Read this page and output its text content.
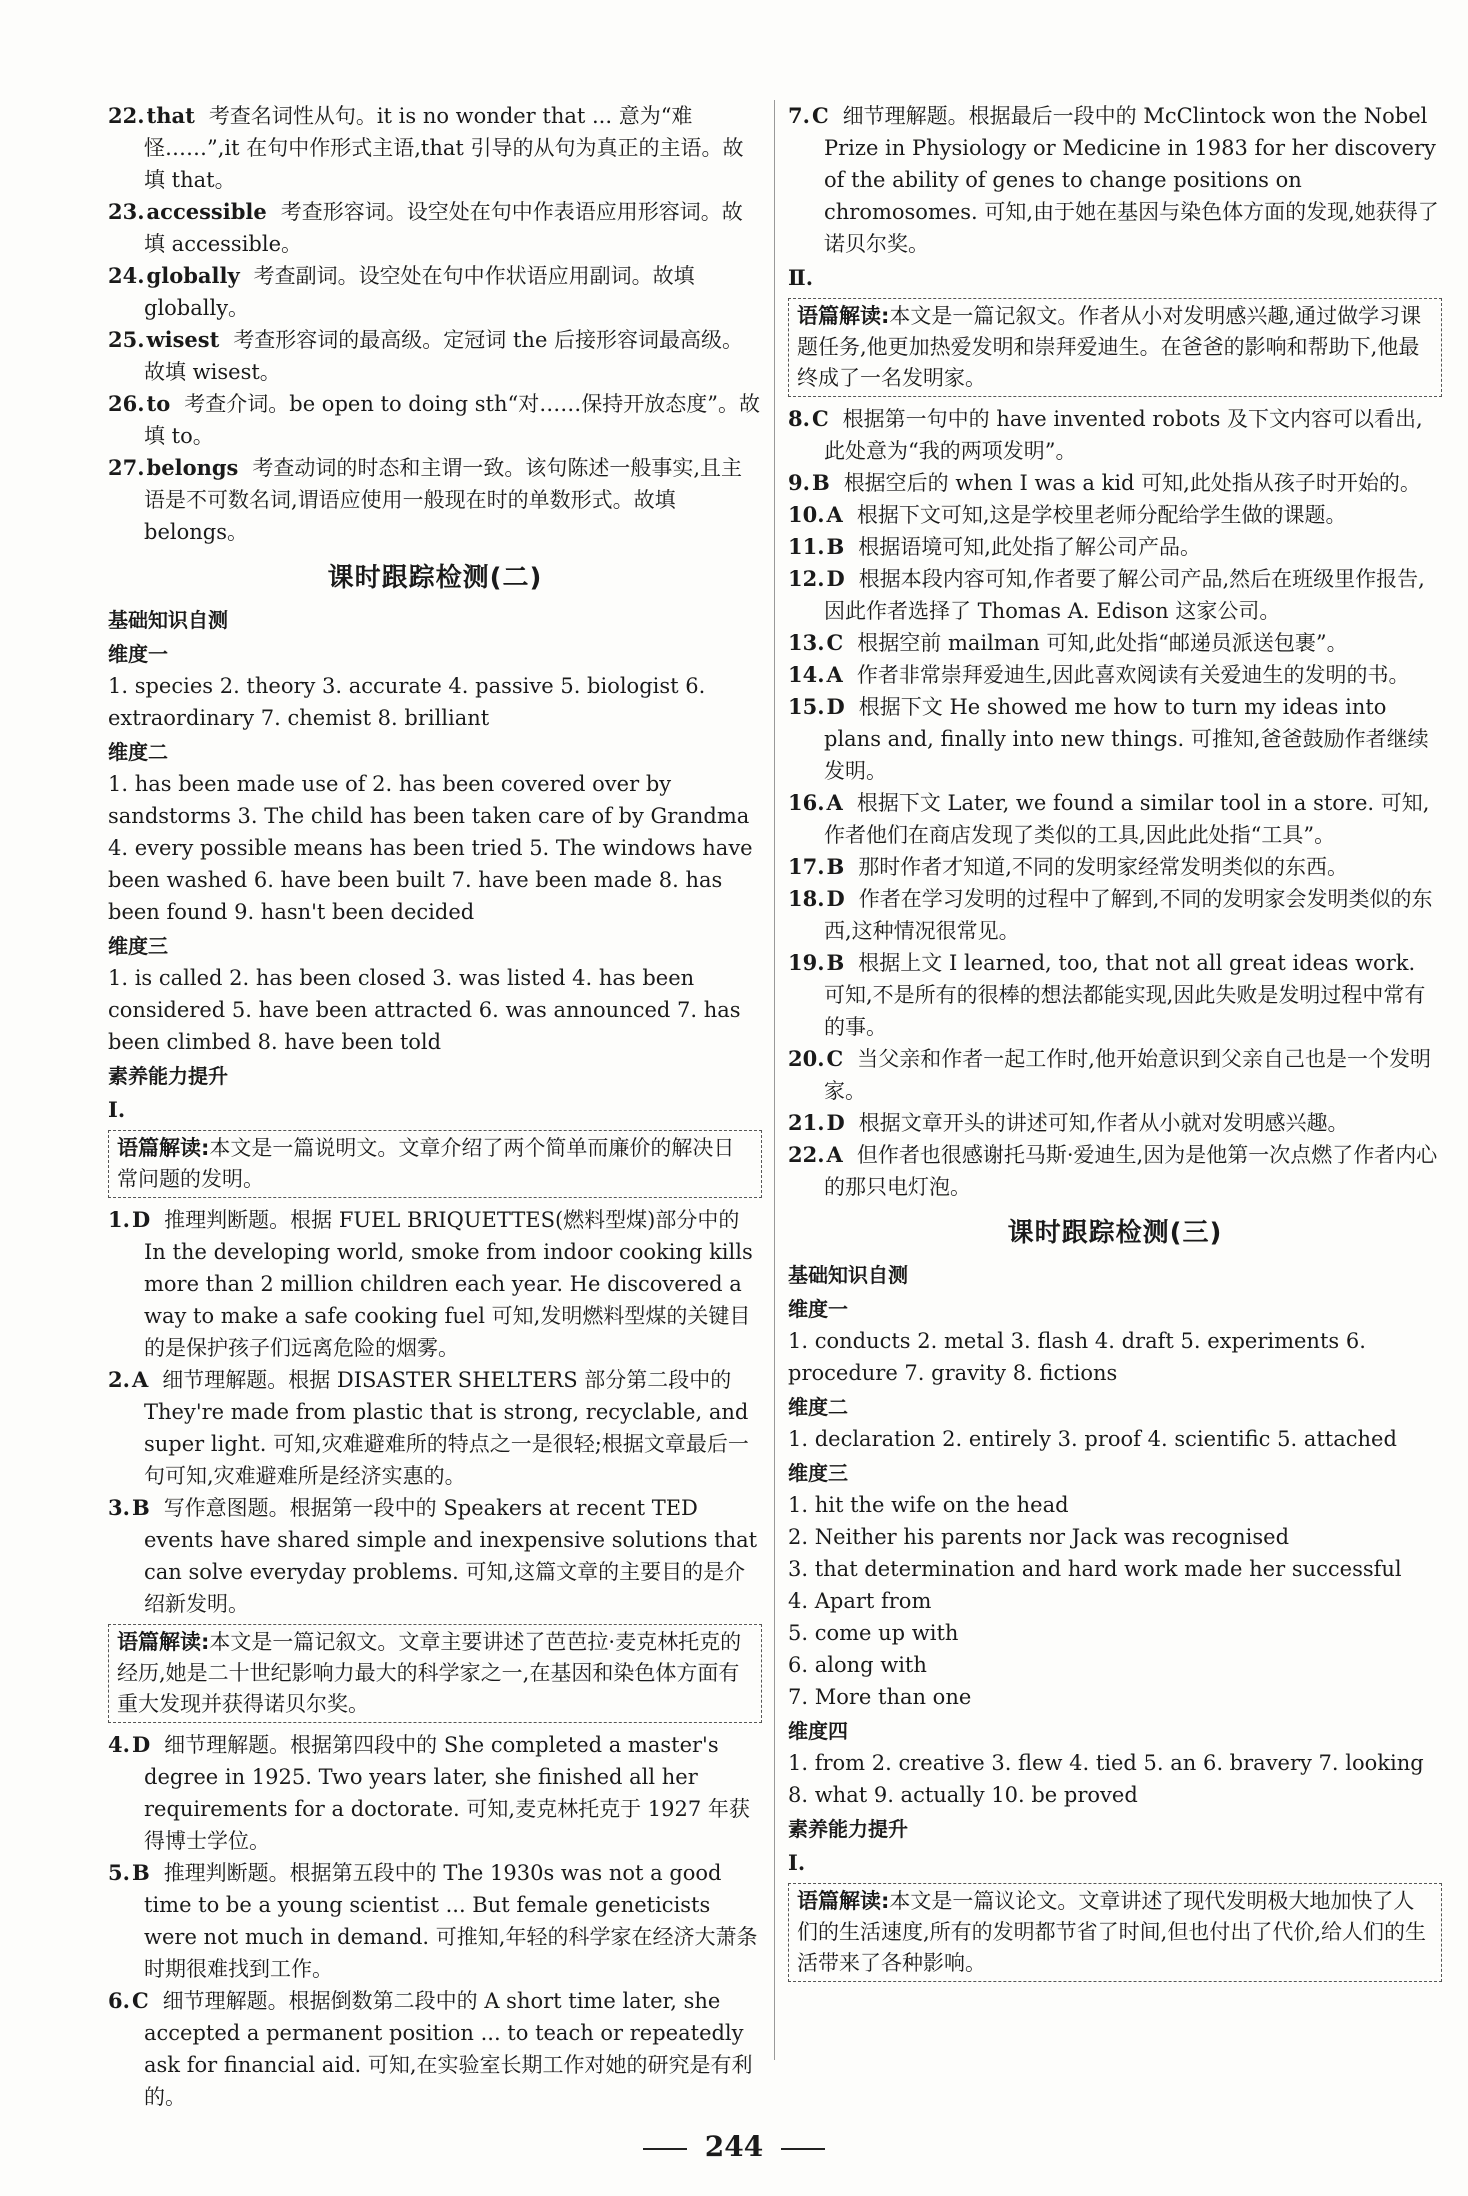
22.that 考查名词性从句。it is no wonder that ... 意为“难怪……”,it 在句中作形式主语,that 引导的从句为真正的主语。故填 that。
23.accessible 考查形容词。设空处在句中作表语应用形容词。故填 accessible。
24.globally 考查副词。设空处在句中作状语应用副词。故填 globally。
25.wisest 考查形容词的最高级。定冠词 the 后接形容词最高级。故填 wisest。
26.to 考查介词。be open to doing sth“对……保持开放态度”。故填 to。
27.belongs 考查动词的时态和主谓一致。该句陈述一般事实,且主语是不可数名词,谓语应使用一般现在时的单数形式。故填 belongs。
课时跟踪检测(二)
基础知识自测
维度一

1. species 2. theory 3. accurate 4. passive 5. biologist 6. extraordinary 7. chemist 8. brilliant

维度二

1. has been made use of 2. has been covered over by sandstorms 3. The child has been taken care of by Grandma 4. every possible means has been tried 5. The windows have been washed 6. have been built 7. have been made 8. has been found 9. hasn't been decided

维度三

1. is called 2. has been closed 3. was listed 4. has been considered 5. have been attracted 6. was announced 7. has been climbed 8. have been told

素养能力提升
Ⅰ.
语篇解读:本文是一篇说明文。文章介绍了两个简单而廉价的解决日常问题的发明。
1.D 推理判断题。根据 FUEL BRIQUETTES(燃料型煤)部分中的 In the developing world, smoke from indoor cooking kills more than 2 million children each year. He discovered a way to make a safe cooking fuel 可知,发明燃料型煤的关键目的是保护孩子们远离危险的烟雾。
2.A 细节理解题。根据 DISASTER SHELTERS 部分第二段中的 They're made from plastic that is strong, recyclable, and super light. 可知,灾难避难所的特点之一是很轻;根据文章最后一句可知,灾难避难所是经济实惠的。
3.B 写作意图题。根据第一段中的 Speakers at recent TED events have shared simple and inexpensive solutions that can solve everyday problems. 可知,这篇文章的主要目的是介绍新发明。
语篇解读:本文是一篇记叙文。文章主要讲述了芭芭拉·麦克林托克的经历,她是二十世纪影响力最大的科学家之一,在基因和染色体方面有重大发现并获得诺贝尔奖。
4.D 细节理解题。根据第四段中的 She completed a master's degree in 1925. Two years later, she finished all her requirements for a doctorate. 可知,麦克林托克于 1927 年获得博士学位。
5.B 推理判断题。根据第五段中的 The 1930s was not a good time to be a young scientist ... But female geneticists were not much in demand. 可推知,年轻的科学家在经济大萧条时期很难找到工作。
6.C 细节理解题。根据倒数第二段中的 A short time later, she accepted a permanent position ... to teach or repeatedly ask for financial aid. 可知,在实验室长期工作对她的研究是有利的。
7.C 细节理解题。根据最后一段中的 McClintock won the Nobel Prize in Physiology or Medicine in 1983 for her discovery of the ability of genes to change positions on chromosomes. 可知,由于她在基因与染色体方面的发现,她获得了诺贝尔奖。
Ⅱ.
语篇解读:本文是一篇记叙文。作者从小对发明感兴趣,通过做学习课题任务,他更加热爱发明和崇拜爱迪生。在爸爸的影响和帮助下,他最终成了一名发明家。
8.C 根据第一句中的 have invented robots 及下文内容可以看出,此处意为“我的两项发明”。
9.B 根据空后的 when I was a kid 可知,此处指从孩子时开始的。
10.A 根据下文可知,这是学校里老师分配给学生做的课题。
11.B 根据语境可知,此处指了解公司产品。
12.D 根据本段内容可知,作者要了解公司产品,然后在班级里作报告,因此作者选择了 Thomas A. Edison 这家公司。
13.C 根据空前 mailman 可知,此处指“邮递员派送包裹”。
14.A 作者非常崇拜爱迪生,因此喜欢阅读有关爱迪生的发明的书。
15.D 根据下文 He showed me how to turn my ideas into plans and, finally into new things. 可推知,爸爸鼓励作者继续发明。
16.A 根据下文 Later, we found a similar tool in a store. 可知,作者他们在商店发现了类似的工具,因此此处指“工具”。
17.B 那时作者才知道,不同的发明家经常发明类似的东西。
18.D 作者在学习发明的过程中了解到,不同的发明家会发明类似的东西,这种情况很常见。
19.B 根据上文 I learned, too, that not all great ideas work. 可知,不是所有的很棒的想法都能实现,因此失败是发明过程中常有的事。
20.C 当父亲和作者一起工作时,他开始意识到父亲自己也是一个发明家。
21.D 根据文章开头的讲述可知,作者从小就对发明感兴趣。
22.A 但作者也很感谢托马斯·爱迪生,因为是他第一次点燃了作者内心的那只电灯泡。
课时跟踪检测(三)
基础知识自测
维度一

1. conducts 2. metal 3. flash 4. draft 5. experiments 6. procedure 7. gravity 8. fictions

维度二

1. declaration 2. entirely 3. proof 4. scientific 5. attached

维度三
1. hit the wife on the head
2. Neither his parents nor Jack was recognised
3. that determination and hard work made her successful
4. Apart from
5. come up with
6. along with
7. More than one
维度四

1. from 2. creative 3. flew 4. tied 5. an 6. bravery 7. looking 8. what 9. actually 10. be proved

素养能力提升
Ⅰ.
语篇解读:本文是一篇议论文。文章讲述了现代发明极大地加快了人们的生活速度,所有的发明都节省了时间,但也付出了代价,给人们的生活带来了各种影响。
244
